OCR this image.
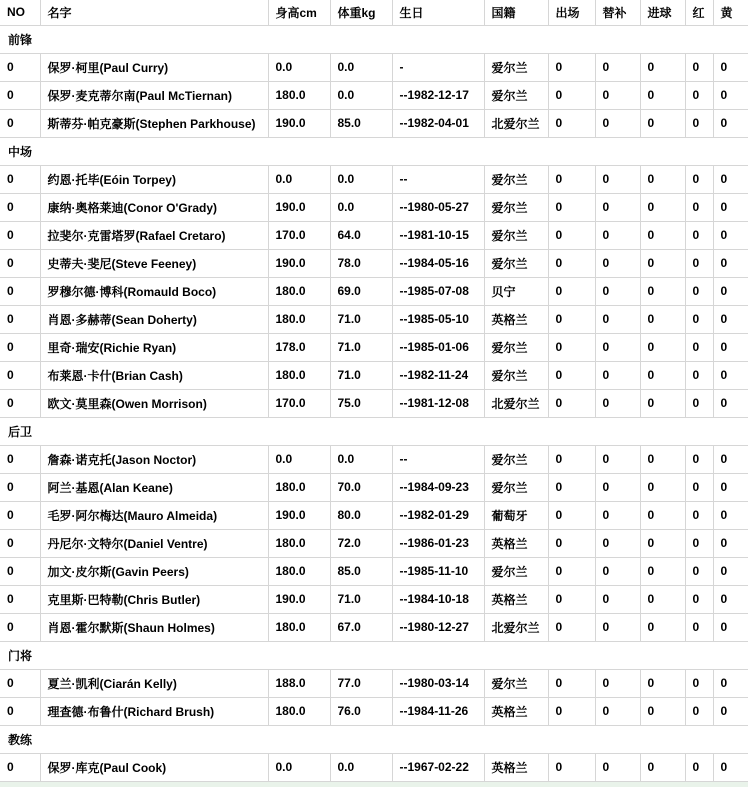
NO	名字	身高cm	体重kg	生日	国籍	出场	替补	进球	红	黄
前锋										
0	保罗·柯里(Paul Curry)	0.0	0.0	-	爱尔兰	0	0	0	0	0
0	保罗·麦克蒂尔南(Paul McTiernan)	180.0	0.0	--1982-12-17	爱尔兰	0	0	0	0	0
0	斯蒂芬·帕克豪斯(Stephen Parkhouse)	190.0	85.0	--1982-04-01	北爱尔兰	0	0	0	0	0
中场										
0	约恩·托毕(Eóin Torpey)	0.0	0.0	--	爱尔兰	0	0	0	0	0
0	康纳·奥格莱迪(Conor O'Grady)	190.0	0.0	--1980-05-27	爱尔兰	0	0	0	0	0
0	拉斐尔·克雷塔罗(Rafael Cretaro)	170.0	64.0	--1981-10-15	爱尔兰	0	0	0	0	0
0	史蒂夫·斐尼(Steve Feeney)	190.0	78.0	--1984-05-16	爱尔兰	0	0	0	0	0
0	罗穆尔德·博科(Romauld Boco)	180.0	69.0	--1985-07-08	贝宁	0	0	0	0	0
0	肖恩·多赫蒂(Sean Doherty)	180.0	71.0	--1985-05-10	英格兰	0	0	0	0	0
0	里奇·瑞安(Richie Ryan)	178.0	71.0	--1985-01-06	爱尔兰	0	0	0	0	0
0	布莱恩·卡什(Brian Cash)	180.0	71.0	--1982-11-24	爱尔兰	0	0	0	0	0
0	欧文·莫里森(Owen Morrison)	170.0	75.0	--1981-12-08	北爱尔兰	0	0	0	0	0
后卫										
0	詹森·诺克托(Jason Noctor)	0.0	0.0	--	爱尔兰	0	0	0	0	0
0	阿兰·基恩(Alan Keane)	180.0	70.0	--1984-09-23	爱尔兰	0	0	0	0	0
0	毛罗·阿尔梅达(Mauro Almeida)	190.0	80.0	--1982-01-29	葡萄牙	0	0	0	0	0
0	丹尼尔·文特尔(Daniel Ventre)	180.0	72.0	--1986-01-23	英格兰	0	0	0	0	0
0	加文·皮尔斯(Gavin Peers)	180.0	85.0	--1985-11-10	爱尔兰	0	0	0	0	0
0	克里斯·巴特勒(Chris Butler)	190.0	71.0	--1984-10-18	英格兰	0	0	0	0	0
0	肖恩·霍尔默斯(Shaun Holmes)	180.0	67.0	--1980-12-27	北爱尔兰	0	0	0	0	0
门将										
0	夏兰·凯利(Ciarán Kelly)	188.0	77.0	--1980-03-14	爱尔兰	0	0	0	0	0
0	理查德·布鲁什(Richard Brush)	180.0	76.0	--1984-11-26	英格兰	0	0	0	0	0
教练										
0	保罗·库克(Paul Cook)	0.0	0.0	--1967-02-22	英格兰	0	0	0	0	0
